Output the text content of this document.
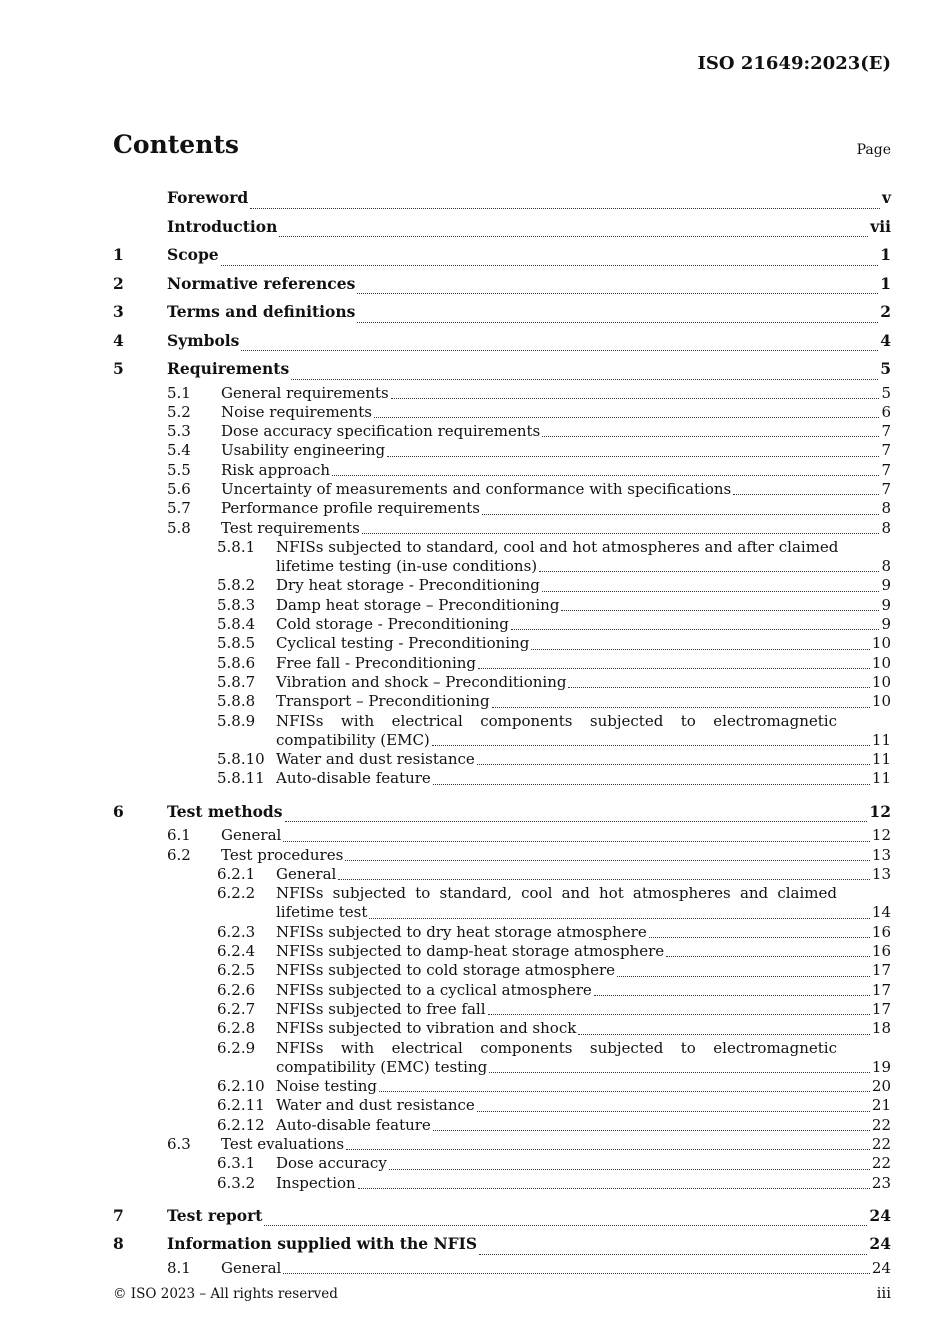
ISO 21649:2023(E)
Contents	Page
Foreword	v
Introduction	vii
1	Scope	1
2	Normative references	1
3	Terms and definitions	2
4	Symbols	4
5	Requirements	5
5.1	General requirements	5
5.2	Noise requirements	6
5.3	Dose accuracy specification requirements	7
5.4	Usability engineering	7
5.5	Risk approach	7
5.6	Uncertainty of measurements and conformance with specifications	7
5.7	Performance profile requirements	8
5.8	Test requirements	8
5.8.1	NFISs subjected to standard, cool and hot atmospheres and after claimed
lifetime testing (in-use conditions)	8
5.8.2	Dry heat storage - Preconditioning	9
5.8.3	Damp heat storage – Preconditioning	9
5.8.4	Cold storage - Preconditioning	9
5.8.5	Cyclical testing - Preconditioning	10
5.8.6	Free fall - Preconditioning	10
5.8.7	Vibration and shock – Preconditioning	10
5.8.8	Transport – Preconditioning	10
5.8.9	NFISs with electrical components subjected to electromagnetic
compatibility (EMC)	11
5.8.10 Water and dust resistance	11
5.8.11 Auto-disable feature	11
6	Test methods	12
6.1	General	12
6.2	Test procedures	13
6.2.1	General	13
6.2.2	NFISs subjected to standard, cool and hot atmospheres and claimed
lifetime test	14
6.2.3	NFISs subjected to dry heat storage atmosphere	16
6.2.4	NFISs subjected to damp-heat storage atmosphere	16
6.2.5	NFISs subjected to cold storage atmosphere	17
6.2.6	NFISs subjected to a cyclical atmosphere	17
6.2.7	NFISs subjected to free fall	17
6.2.8	NFISs subjected to vibration and shock	18
6.2.9	NFISs with electrical components subjected to electromagnetic
compatibility (EMC) testing	19
6.2.10 Noise testing	20
6.2.11 Water and dust resistance	21
6.2.12 Auto-disable feature	22
6.3	Test evaluations	22
6.3.1	Dose accuracy	22
6.3.2	Inspection	23
7	Test report	24
8	Information supplied with the NFIS	24
8.1	General	24
© ISO 2023 – All rights reserved	iii
